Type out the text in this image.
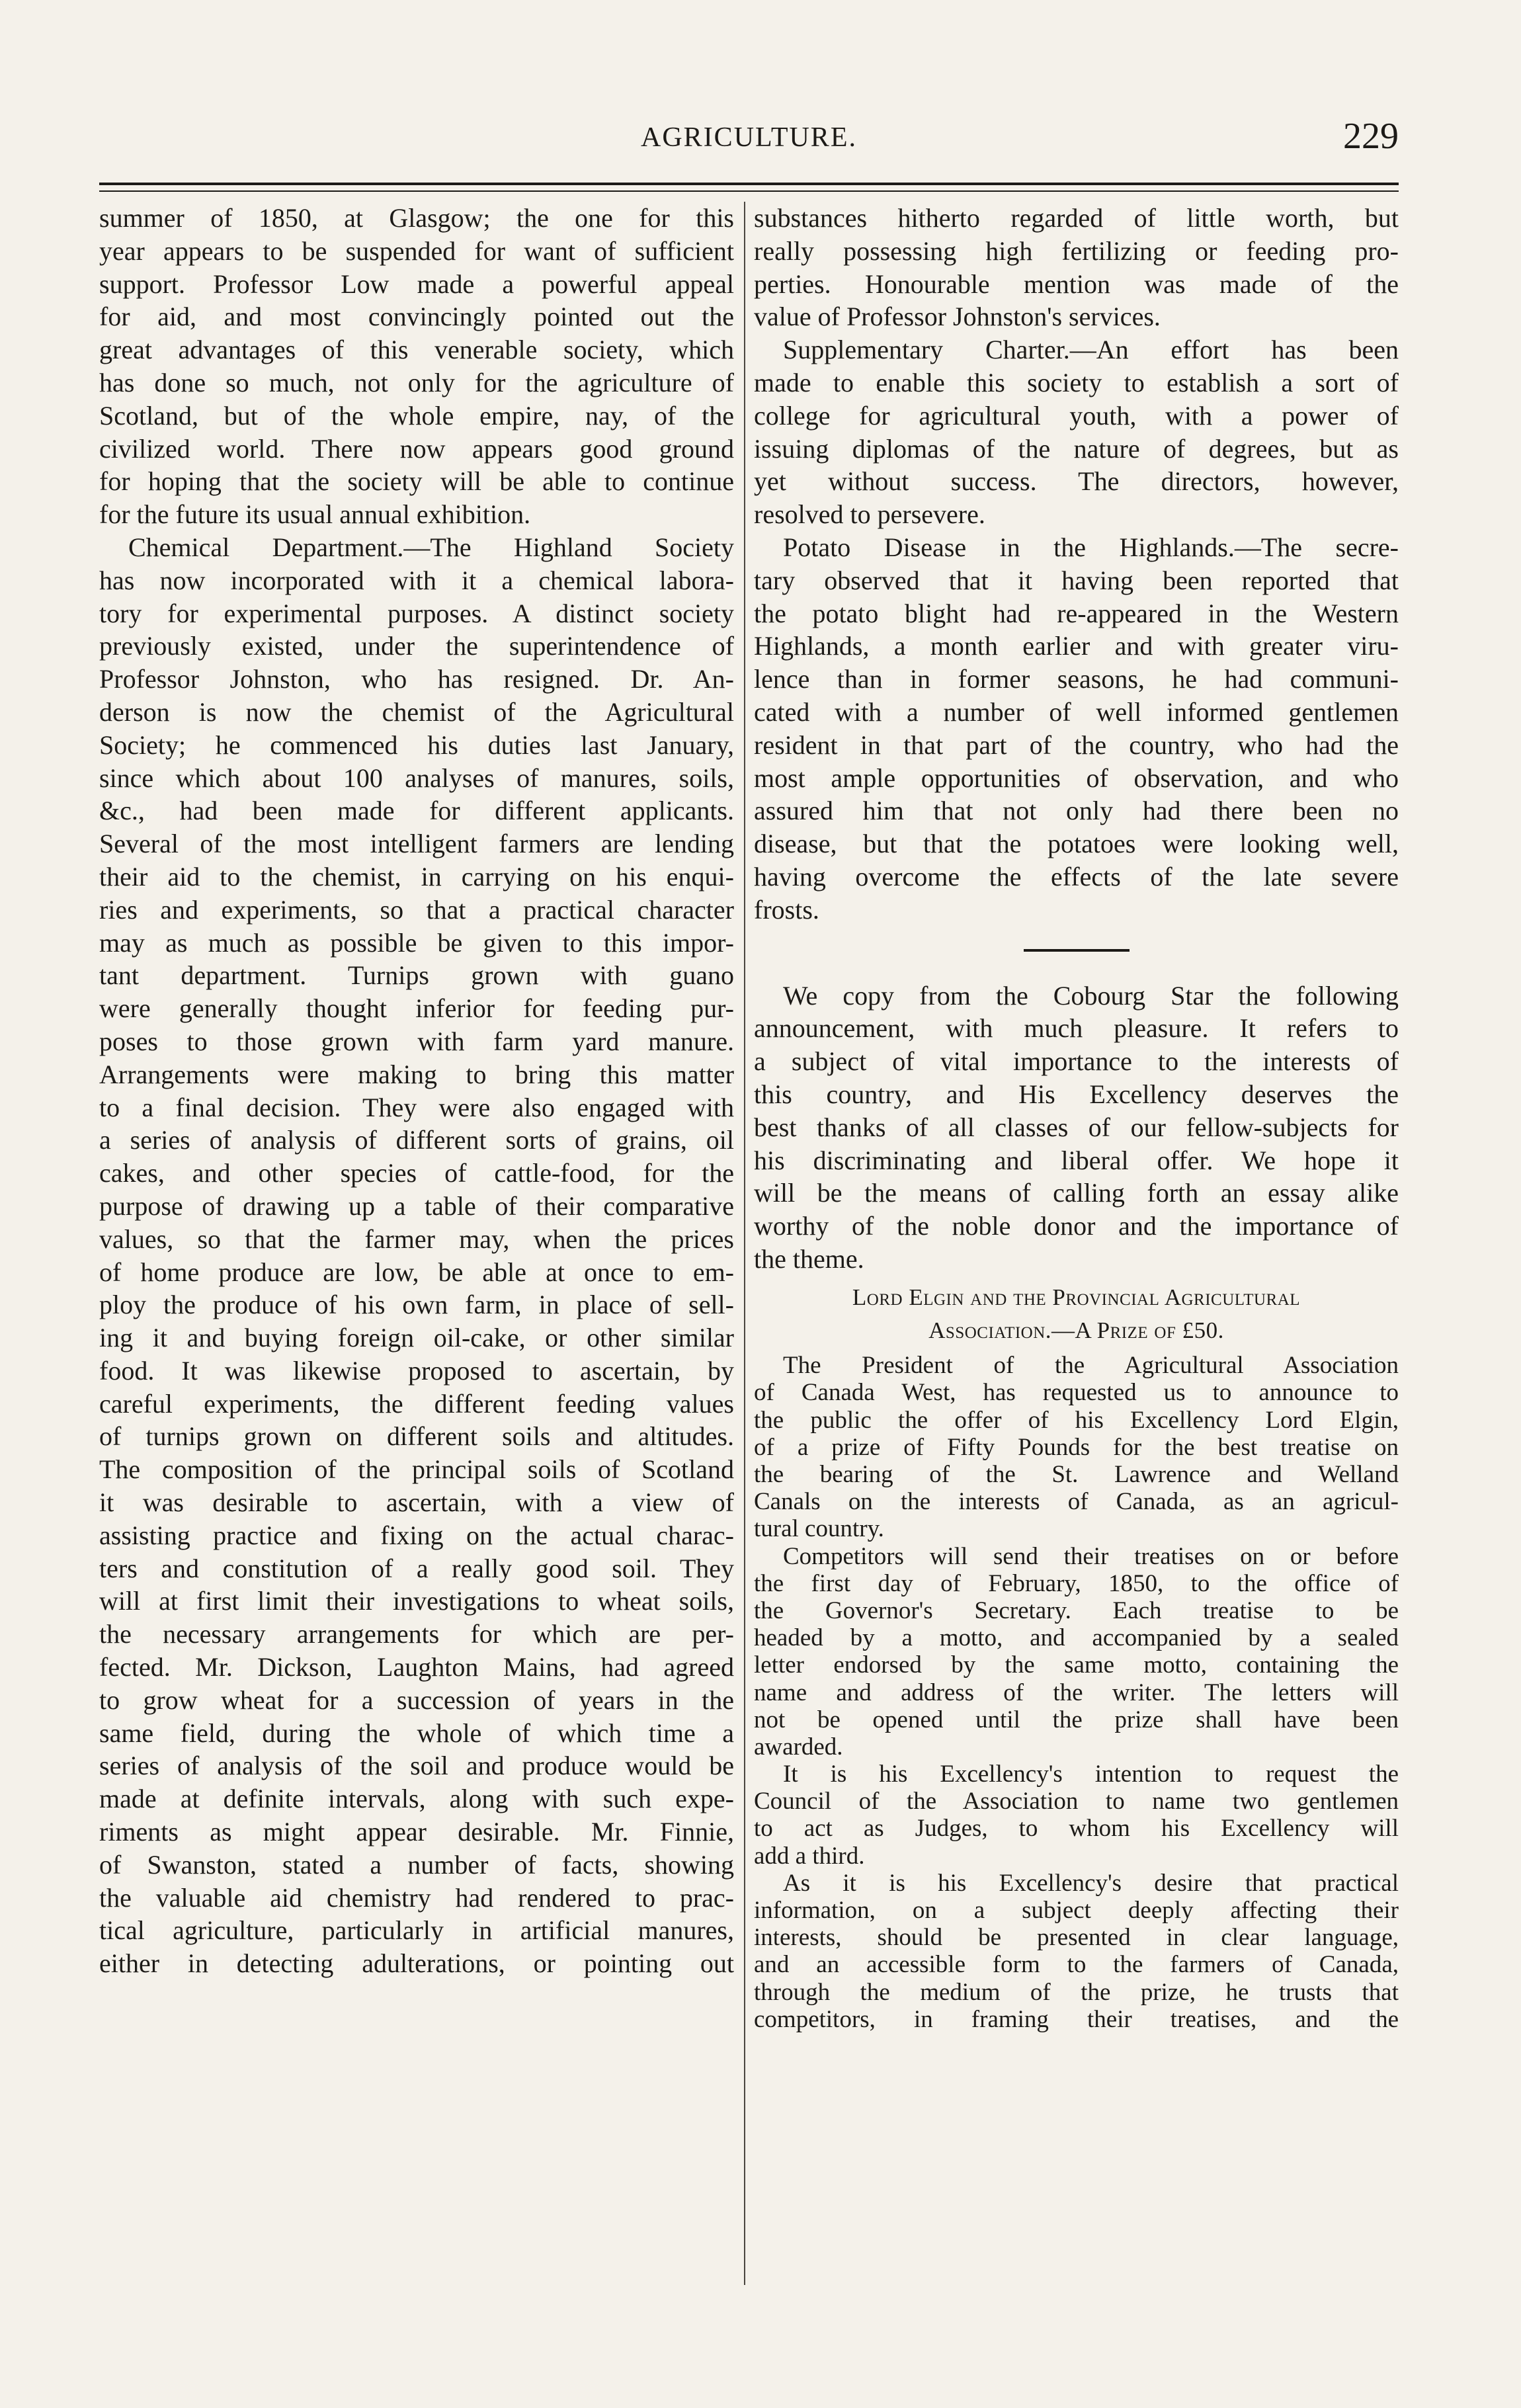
AGRICULTURE.	229
summer of 1850, at Glasgow; the one for this
year appears to be suspended for want of sufficient
support. Professor Low made a powerful appeal
for aid, and most convincingly pointed out the
great advantages of this venerable society, which
has done so much, not only for the agriculture of
Scotland, but of the whole empire, nay, of the
civilized world. There now appears good ground
for hoping that the society will be able to continue
for the future its usual annual exhibition.
Chemical Department.—The Highland Society
has now incorporated with it a chemical labora-
tory for experimental purposes. A distinct society
previously existed, under the superintendence of
Professor Johnston, who has resigned. Dr. An-
derson is now the chemist of the Agricultural
Society; he commenced his duties last January,
since which about 100 analyses of manures, soils,
&c., had been made for different applicants.
Several of the most intelligent farmers are lending
their aid to the chemist, in carrying on his enqui-
ries and experiments, so that a practical character
may as much as possible be given to this impor-
tant department. Turnips grown with guano
were generally thought inferior for feeding pur-
poses to those grown with farm yard manure.
Arrangements were making to bring this matter
to a final decision. They were also engaged with
a series of analysis of different sorts of grains, oil
cakes, and other species of cattle-food, for the
purpose of drawing up a table of their comparative
values, so that the farmer may, when the prices
of home produce are low, be able at once to em-
ploy the produce of his own farm, in place of sell-
ing it and buying foreign oil-cake, or other similar
food. It was likewise proposed to ascertain, by
careful experiments, the different feeding values
of turnips grown on different soils and altitudes.
The composition of the principal soils of Scotland
it was desirable to ascertain, with a view of
assisting practice and fixing on the actual charac-
ters and constitution of a really good soil. They
will at first limit their investigations to wheat soils,
the necessary arrangements for which are per-
fected. Mr. Dickson, Laughton Mains, had agreed
to grow wheat for a succession of years in the
same field, during the whole of which time a
series of analysis of the soil and produce would be
made at definite intervals, along with such expe-
riments as might appear desirable. Mr. Finnie,
of Swanston, stated a number of facts, showing
the valuable aid chemistry had rendered to prac-
tical agriculture, particularly in artificial manures,
either in detecting adulterations, or pointing out
substances hitherto regarded of little worth, but
really possessing high fertilizing or feeding pro-
perties. Honourable mention was made of the
value of Professor Johnston's services.
Supplementary Charter.—An effort has been
made to enable this society to establish a sort of
college for agricultural youth, with a power of
issuing diplomas of the nature of degrees, but as
yet without success. The directors, however,
resolved to persevere.
Potato Disease in the Highlands.—The secre-
tary observed that it having been reported that
the potato blight had re-appeared in the Western
Highlands, a month earlier and with greater viru-
lence than in former seasons, he had communi-
cated with a number of well informed gentlemen
resident in that part of the country, who had the
most ample opportunities of observation, and who
assured him that not only had there been no
disease, but that the potatoes were looking well,
having overcome the effects of the late severe
frosts.
We copy from the Cobourg Star the following
announcement, with much pleasure. It refers to
a subject of vital importance to the interests of
this country, and His Excellency deserves the
best thanks of all classes of our fellow-subjects for
his discriminating and liberal offer. We hope it
will be the means of calling forth an essay alike
worthy of the noble donor and the importance of
the theme.
Lord Elgin and the Provincial Agricultural
Association.—A Prize of £50.
The President of the Agricultural Association
of Canada West, has requested us to announce to
the public the offer of his Excellency Lord Elgin,
of a prize of Fifty Pounds for the best treatise on
the bearing of the St. Lawrence and Welland
Canals on the interests of Canada, as an agricul-
tural country.
Competitors will send their treatises on or before
the first day of February, 1850, to the office of
the Governor's Secretary. Each treatise to be
headed by a motto, and accompanied by a sealed
letter endorsed by the same motto, containing the
name and address of the writer. The letters will
not be opened until the prize shall have been
awarded.
It is his Excellency's intention to request the
Council of the Association to name two gentlemen
to act as Judges, to whom his Excellency will
add a third.
As it is his Excellency's desire that practical
information, on a subject deeply affecting their
interests, should be presented in clear language,
and an accessible form to the farmers of Canada,
through the medium of the prize, he trusts that
competitors, in framing their treatises, and the
